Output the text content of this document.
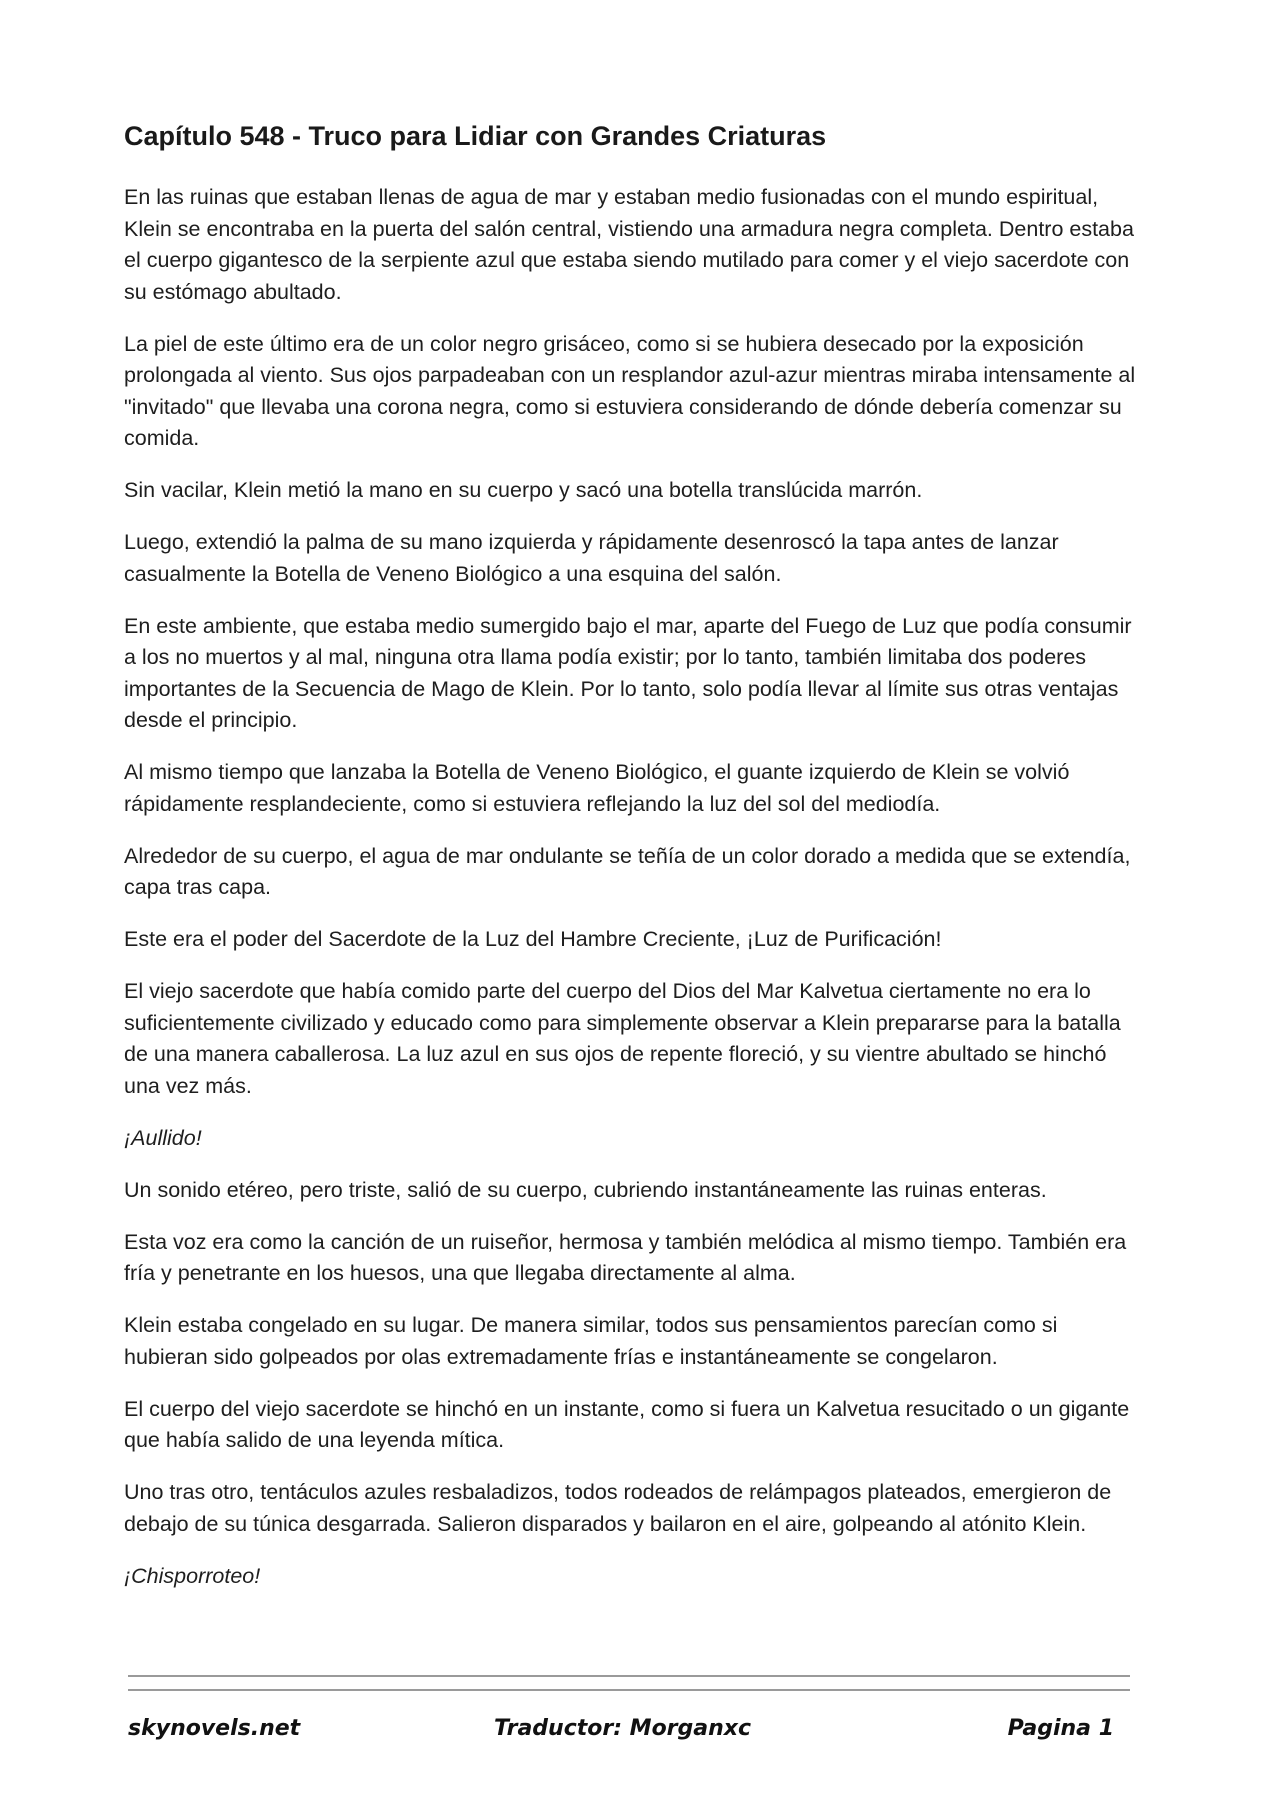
Capítulo 548 - Truco para Lidiar con Grandes Criaturas

En las ruinas que estaban llenas de agua de mar y estaban medio fusionadas con el mundo espiritual, Klein se encontraba en la puerta del salón central, vistiendo una armadura negra completa. Dentro estaba el cuerpo gigantesco de la serpiente azul que estaba siendo mutilado para comer y el viejo sacerdote con su estómago abultado.

La piel de este último era de un color negro grisáceo, como si se hubiera desecado por la exposición prolongada al viento. Sus ojos parpadeaban con un resplandor azul-azur mientras miraba intensamente al "invitado" que llevaba una corona negra, como si estuviera considerando de dónde debería comenzar su comida.

Sin vacilar, Klein metió la mano en su cuerpo y sacó una botella translúcida marrón.

Luego, extendió la palma de su mano izquierda y rápidamente desenroscó la tapa antes de lanzar casualmente la Botella de Veneno Biológico a una esquina del salón.

En este ambiente, que estaba medio sumergido bajo el mar, aparte del Fuego de Luz que podía consumir a los no muertos y al mal, ninguna otra llama podía existir; por lo tanto, también limitaba dos poderes importantes de la Secuencia de Mago de Klein. Por lo tanto, solo podía llevar al límite sus otras ventajas desde el principio.

Al mismo tiempo que lanzaba la Botella de Veneno Biológico, el guante izquierdo de Klein se volvió rápidamente resplandeciente, como si estuviera reflejando la luz del sol del mediodía.

Alrededor de su cuerpo, el agua de mar ondulante se teñía de un color dorado a medida que se extendía, capa tras capa.

Este era el poder del Sacerdote de la Luz del Hambre Creciente, ¡Luz de Purificación!

El viejo sacerdote que había comido parte del cuerpo del Dios del Mar Kalvetua ciertamente no era lo suficientemente civilizado y educado como para simplemente observar a Klein prepararse para la batalla de una manera caballerosa. La luz azul en sus ojos de repente floreció, y su vientre abultado se hinchó una vez más.

¡Aullido!

Un sonido etéreo, pero triste, salió de su cuerpo, cubriendo instantáneamente las ruinas enteras.

Esta voz era como la canción de un ruiseñor, hermosa y también melódica al mismo tiempo. También era fría y penetrante en los huesos, una que llegaba directamente al alma.

Klein estaba congelado en su lugar. De manera similar, todos sus pensamientos parecían como si hubieran sido golpeados por olas extremadamente frías e instantáneamente se congelaron.

El cuerpo del viejo sacerdote se hinchó en un instante, como si fuera un Kalvetua resucitado o un gigante que había salido de una leyenda mítica.

Uno tras otro, tentáculos azules resbaladizos, todos rodeados de relámpagos plateados, emergieron de debajo de su túnica desgarrada. Salieron disparados y bailaron en el aire, golpeando al atónito Klein.

¡Chisporroteo!

skynovels.net	Traductor: Morganxc	Pagina 1
